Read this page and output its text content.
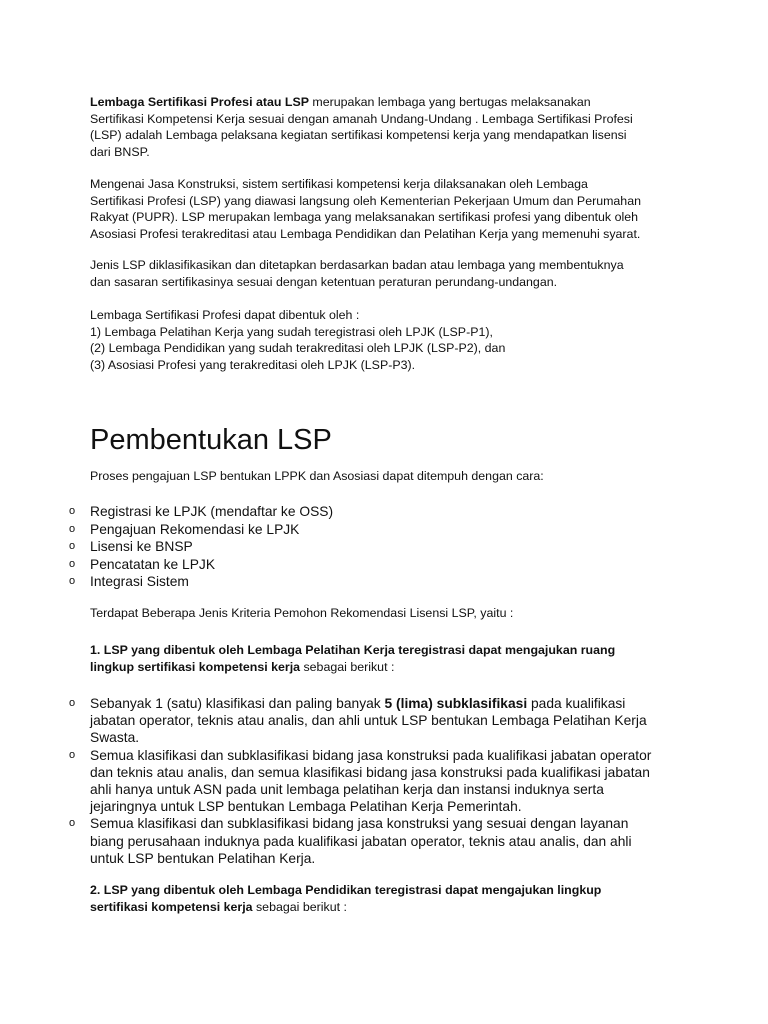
Lembaga Sertifikasi Profesi atau LSP merupakan lembaga yang bertugas melaksanakan
Sertifikasi Kompetensi Kerja sesuai dengan amanah Undang-Undang . Lembaga Sertifikasi Profesi
(LSP) adalah Lembaga pelaksana kegiatan sertifikasi kompetensi kerja yang mendapatkan lisensi
dari BNSP.
Mengenai Jasa Konstruksi, sistem sertifikasi kompetensi kerja dilaksanakan oleh Lembaga
Sertifikasi Profesi (LSP) yang diawasi langsung oleh Kementerian Pekerjaan Umum dan Perumahan
Rakyat (PUPR). LSP merupakan lembaga yang melaksanakan sertifikasi profesi yang dibentuk oleh
Asosiasi Profesi terakreditasi atau Lembaga Pendidikan dan Pelatihan Kerja yang memenuhi syarat.
Jenis LSP diklasifikasikan dan ditetapkan berdasarkan badan atau lembaga yang membentuknya
dan sasaran sertifikasinya sesuai dengan ketentuan peraturan perundang-undangan.
Lembaga Sertifikasi Profesi dapat dibentuk oleh :
1) Lembaga Pelatihan Kerja yang sudah teregistrasi oleh LPJK (LSP-P1),
(2) Lembaga Pendidikan yang sudah terakreditasi oleh LPJK (LSP-P2), dan
(3) Asosiasi Profesi yang terakreditasi oleh LPJK (LSP-P3).
Pembentukan LSP
Proses pengajuan LSP bentukan LPPK dan Asosiasi dapat ditempuh dengan cara:
o Registrasi ke LPJK (mendaftar ke OSS)
o Pengajuan Rekomendasi ke LPJK
o Lisensi ke BNSP
o Pencatatan ke LPJK
o Integrasi Sistem
Terdapat Beberapa Jenis Kriteria Pemohon Rekomendasi Lisensi LSP, yaitu :
1. LSP yang dibentuk oleh Lembaga Pelatihan Kerja teregistrasi dapat mengajukan ruang
lingkup sertifikasi kompetensi kerja sebagai berikut :
o Sebanyak 1 (satu) klasifikasi dan paling banyak 5 (lima) subklasifikasi pada kualifikasi
jabatan operator, teknis atau analis, dan ahli untuk LSP bentukan Lembaga Pelatihan Kerja
Swasta.
o Semua klasifikasi dan subklasifikasi bidang jasa konstruksi pada kualifikasi jabatan operator
dan teknis atau analis, dan semua klasifikasi bidang jasa konstruksi pada kualifikasi jabatan
ahli hanya untuk ASN pada unit lembaga pelatihan kerja dan instansi induknya serta
jejaringnya untuk LSP bentukan Lembaga Pelatihan Kerja Pemerintah.
o Semua klasifikasi dan subklasifikasi bidang jasa konstruksi yang sesuai dengan layanan
biang perusahaan induknya pada kualifikasi jabatan operator, teknis atau analis, dan ahli
untuk LSP bentukan Pelatihan Kerja.
2. LSP yang dibentuk oleh Lembaga Pendidikan teregistrasi dapat mengajukan lingkup
sertifikasi kompetensi kerja sebagai berikut :
